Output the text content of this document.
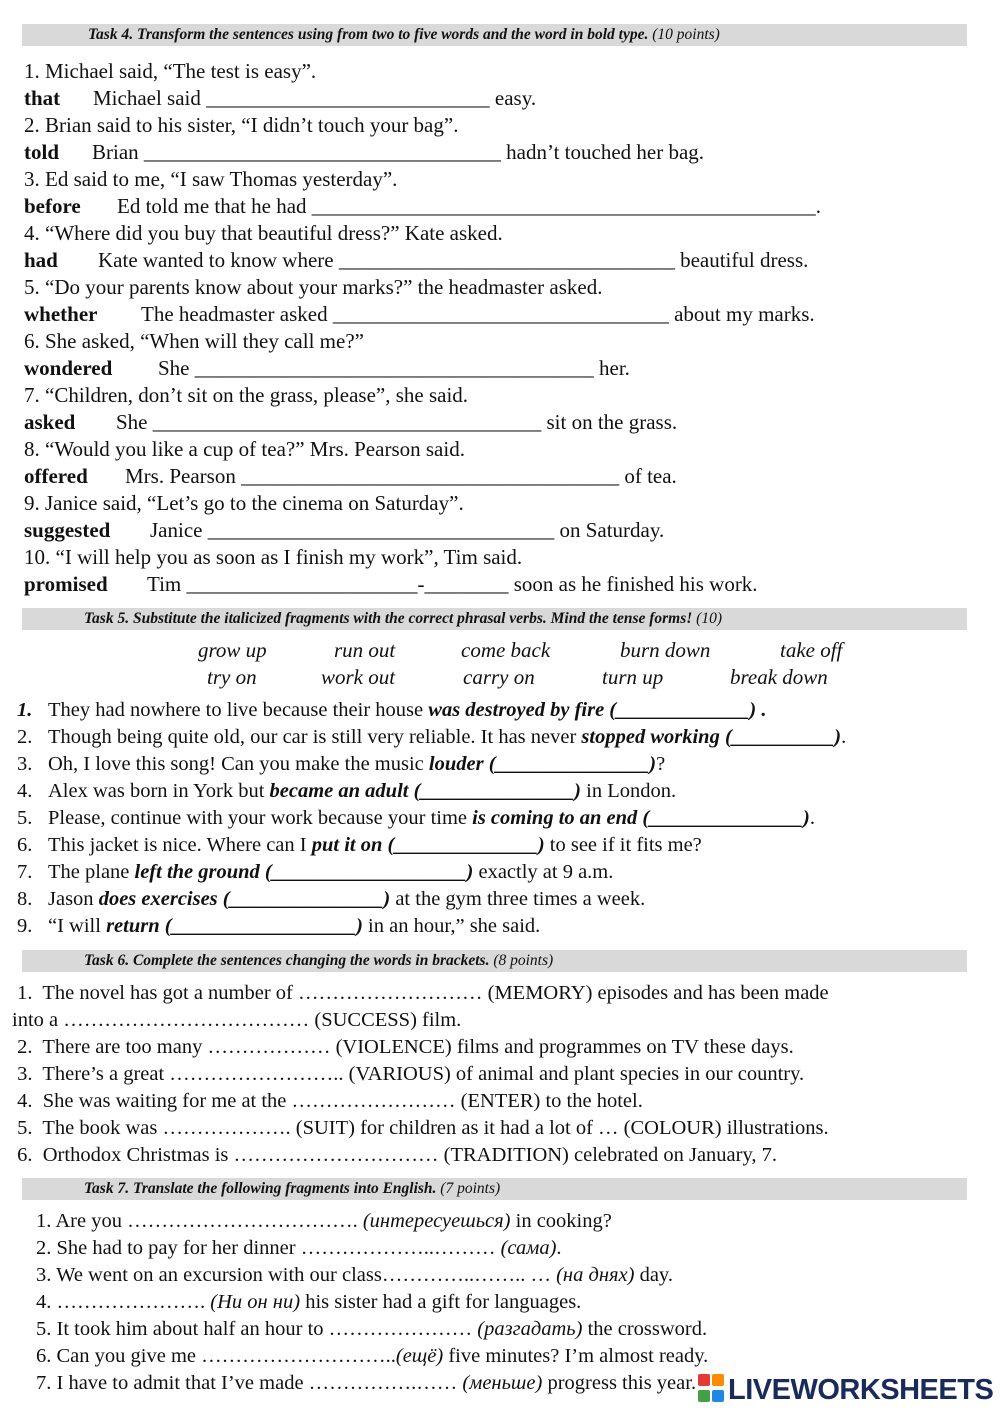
Task 4. Transform the sentences using from two to five words and the word in bold type. (10 points)
1. Michael said, “The test is easy”.
that Michael said ___________________________ easy.
2. Brian said to his sister, “I didn’t touch your bag”.
told Brian __________________________________ hadn’t touched her bag.
3. Ed said to me, “I saw Thomas yesterday”.
before Ed told me that he had ________________________________________________.
4. “Where did you buy that beautiful dress?” Kate asked.
had Kate wanted to know where ________________________________ beautiful dress.
5. “Do your parents know about your marks?” the headmaster asked.
whether The headmaster asked ________________________________ about my marks.
6. She asked, “When will they call me?”
wondered She ______________________________________ her.
7. “Children, don’t sit on the grass, please”, she said.
asked She _____________________________________ sit on the grass.
8. “Would you like a cup of tea?” Mrs. Pearson said.
offered Mrs. Pearson ____________________________________ of tea.
9. Janice said, “Let’s go to the cinema on Saturday”.
suggested Janice _________________________________ on Saturday.
10. “I will help you as soon as I finish my work”, Tim said.
promised Tim ______________________-________ soon as he finished his work.
Task 5. Substitute the italicized fragments with the correct phrasal verbs. Mind the tense forms! (10)
grow up	run out	come back	burn down	take off
try on	work out	carry on	turn up	break down
1. They had nowhere to live because their house was destroyed by fire (_____________) .
2. Though being quite old, our car is still very reliable. It has never stopped working (__________).
3. Oh, I love this song! Can you make the music louder (_______________)?
4. Alex was born in York but became an adult (_______________) in London.
5. Please, continue with your work because your time is coming to an end (_______________).
6. This jacket is nice. Where can I put it on (______________) to see if it fits me?
7. The plane left the ground (___________________) exactly at 9 a.m.
8. Jason does exercises (_______________) at the gym three times a week.
9. “I will return (__________________) in an hour,” she said.
Task 6. Complete the sentences changing the words in brackets. (8 points)
1.  The novel has got a number of ……………………… (MEMORY) episodes and has been made
into a ……………………………… (SUCCESS) film.
2.  There are too many ……………… (VIOLENCE) films and programmes on TV these days.
3.  There’s a great …………………….. (VARIOUS) of animal and plant species in our country.
4.  She was waiting for me at the …………………… (ENTER) to the hotel.
5.  The book was ………………. (SUIT) for children as it had a lot of … (COLOUR) illustrations.
6.  Orthodox Christmas is ………………………… (TRADITION) celebrated on January, 7.
Task 7. Translate the following fragments into English. (7 points)
1. Are you ……………………………. (интересуешься) in cooking?
2. She had to pay for her dinner ………………..……… (сама).
3. We went on an excursion with our class…………..…….. … (на днях) day.
4. …………………. (Ни он ни) his sister had a gift for languages.
5. It took him about half an hour to ………………… (разгадать) the crossword.
6. Can you give me ………………………..(ещё) five minutes? I’m almost ready.
7. I have to admit that I’ve made …………….…… (меньше) progress this year.	LIVEWORKSHEETS
